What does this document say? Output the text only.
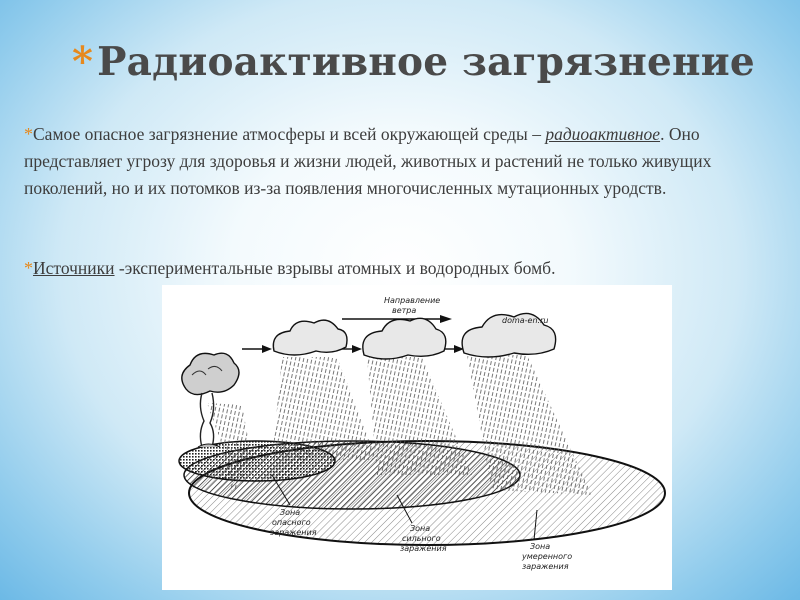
* Радиоактивное загрязнение
*Самое опасное загрязнение атмосферы и всей окружающей среды – радиоактивное. Оно представляет угрозу для здоровья и жизни людей, животных и растений не только живущих поколений, но и их потомков из-за появления многочисленных мутационных уродств.
*Источники -экспериментальные взрывы атомных и водородных бомб.
Направление
ветра
doma-en.ru
Зона
опасного
заражения	Зона
сильного
заражения	Зона
умеренного
заражения
